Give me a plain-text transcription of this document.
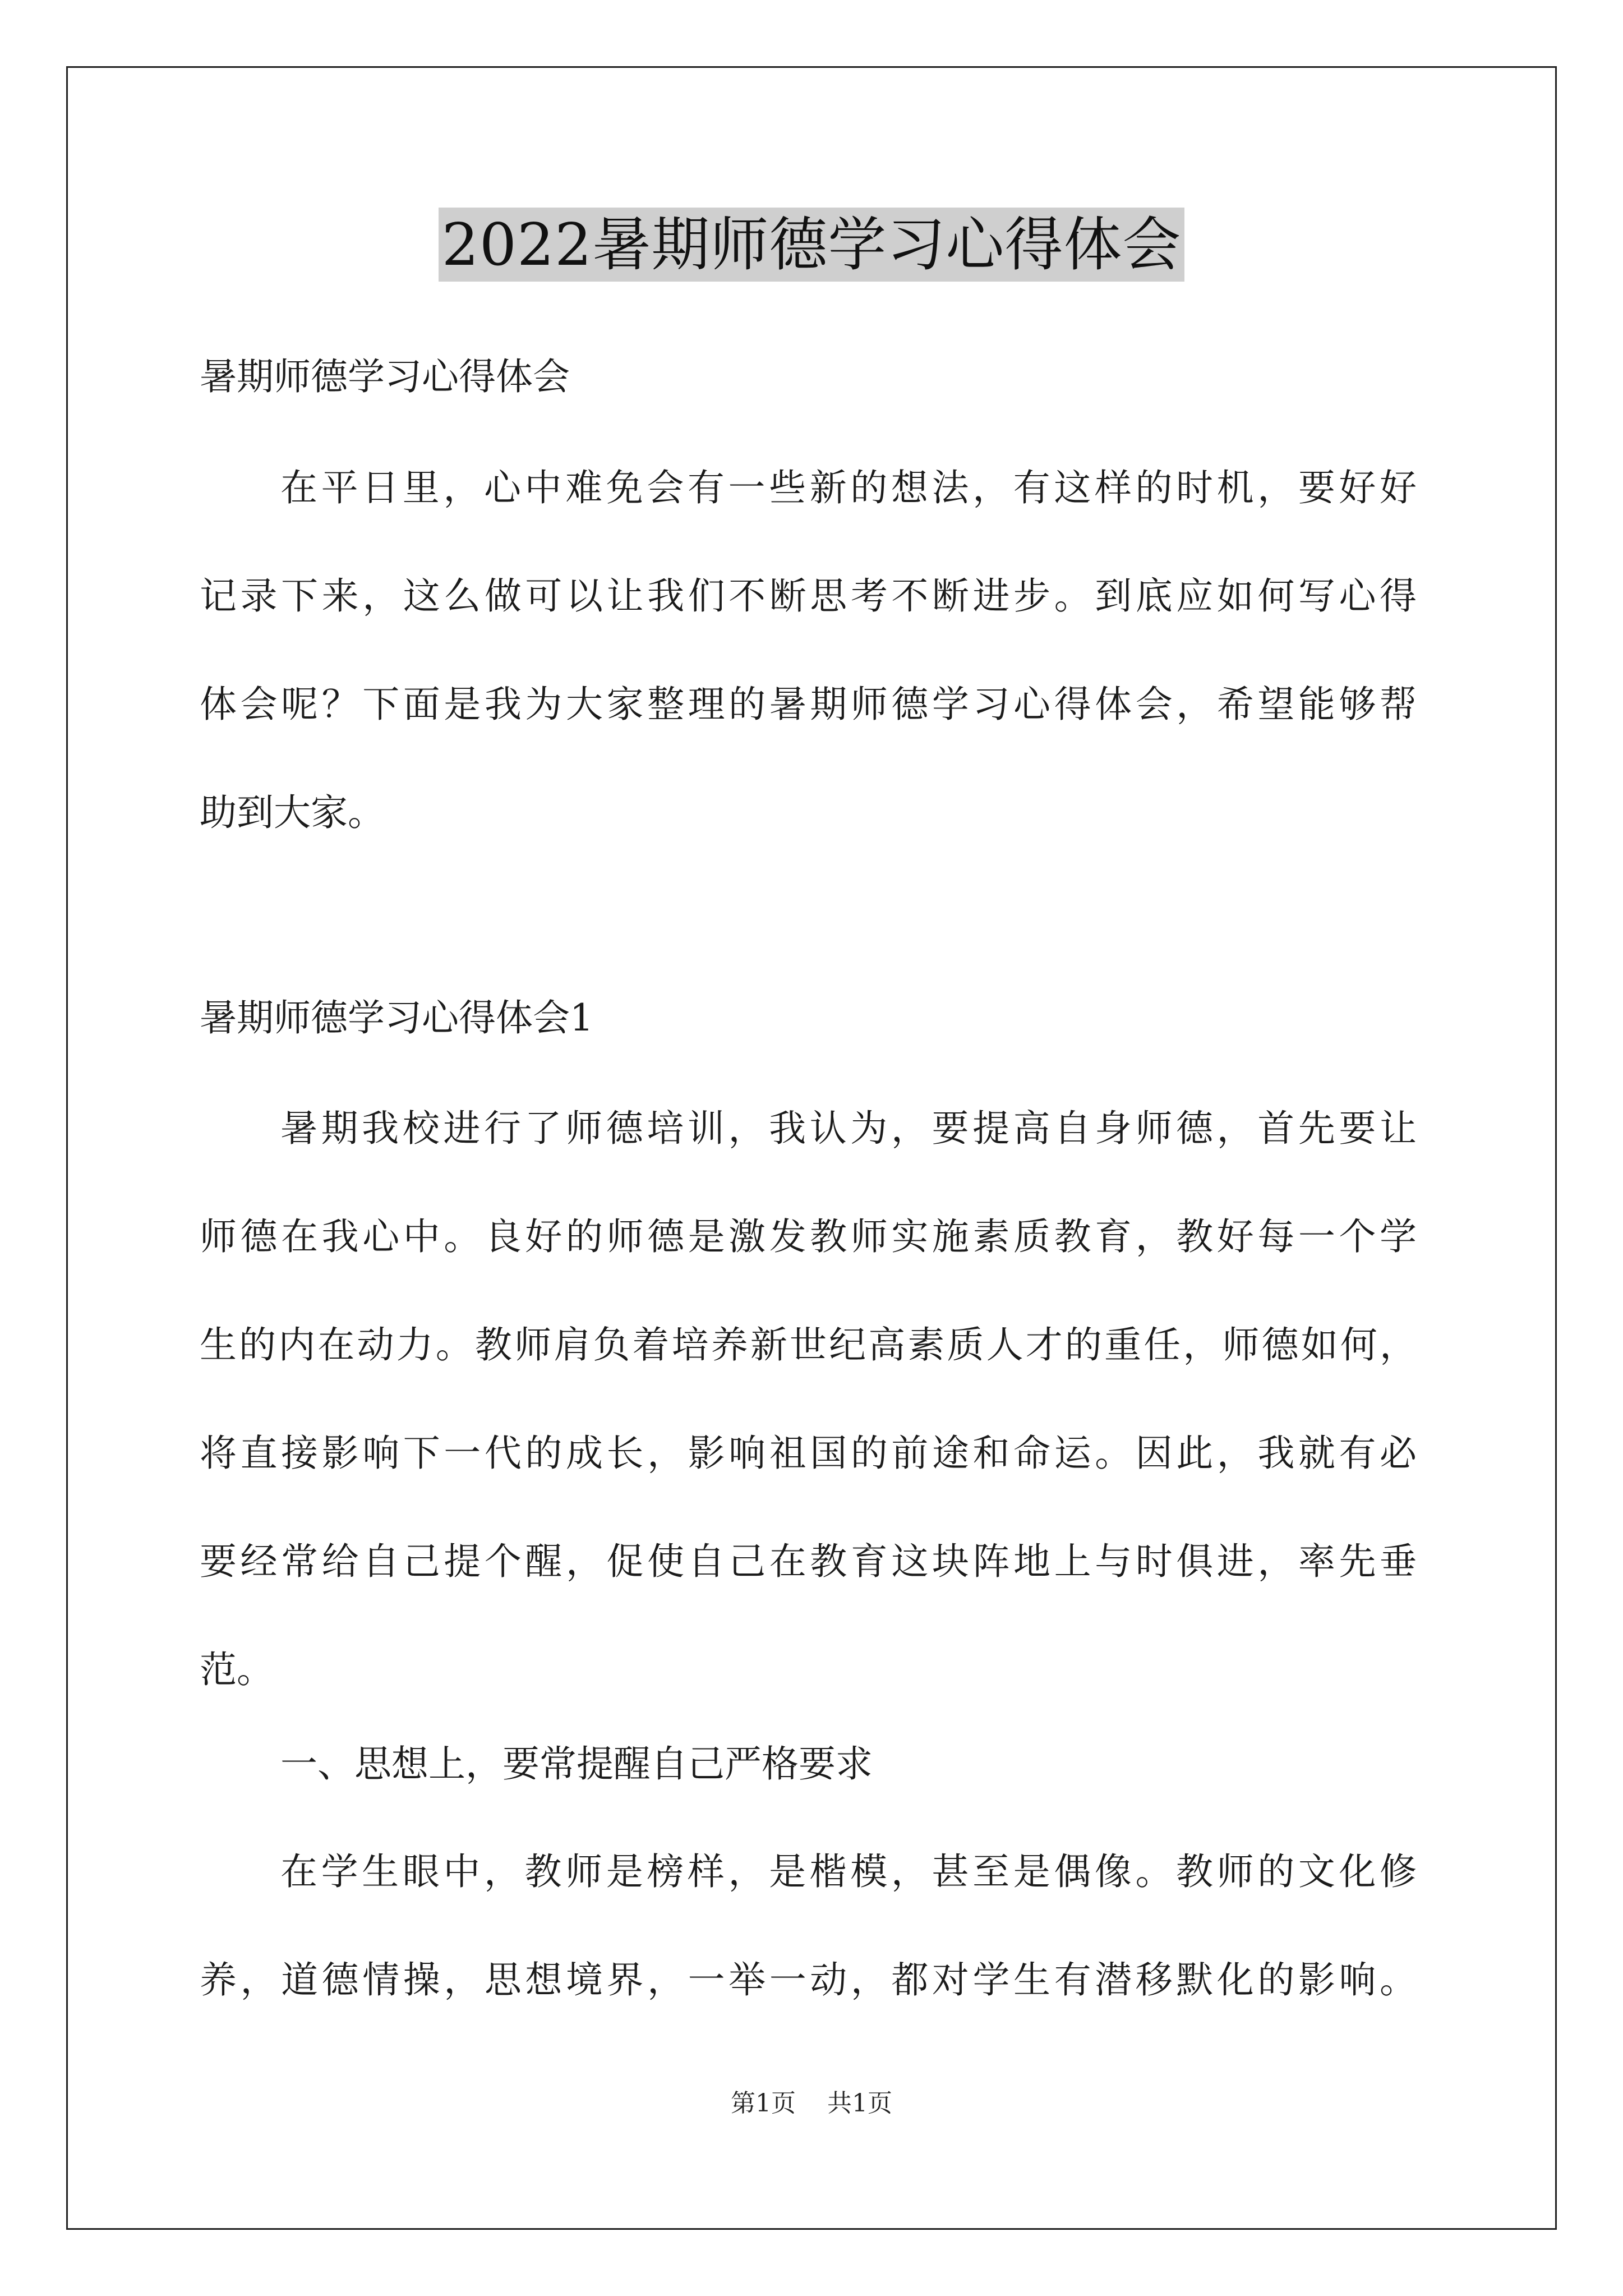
2022暑期师德学习心得体会
暑期师德学习心得体会
在平日里，心中难免会有一些新的想法，有这样的时机，要好好
记录下来，这么做可以让我们不断思考不断进步。到底应如何写心得
体会呢？下面是我为大家整理的暑期师德学习心得体会，希望能够帮
助到大家。
暑期师德学习心得体会1
暑期我校进行了师德培训，我认为，要提高自身师德，首先要让
师德在我心中。良好的师德是激发教师实施素质教育，教好每一个学
生的内在动力。教师肩负着培养新世纪高素质人才的重任，师德如何，
将直接影响下一代的成长，影响祖国的前途和命运。因此，我就有必
要经常给自己提个醒，促使自己在教育这块阵地上与时俱进，率先垂
范。
一、思想上，要常提醒自己严格要求
在学生眼中，教师是榜样，是楷模，甚至是偶像。教师的文化修
养，道德情操，思想境界，一举一动，都对学生有潜移默化的影响。
第1页 共1页
